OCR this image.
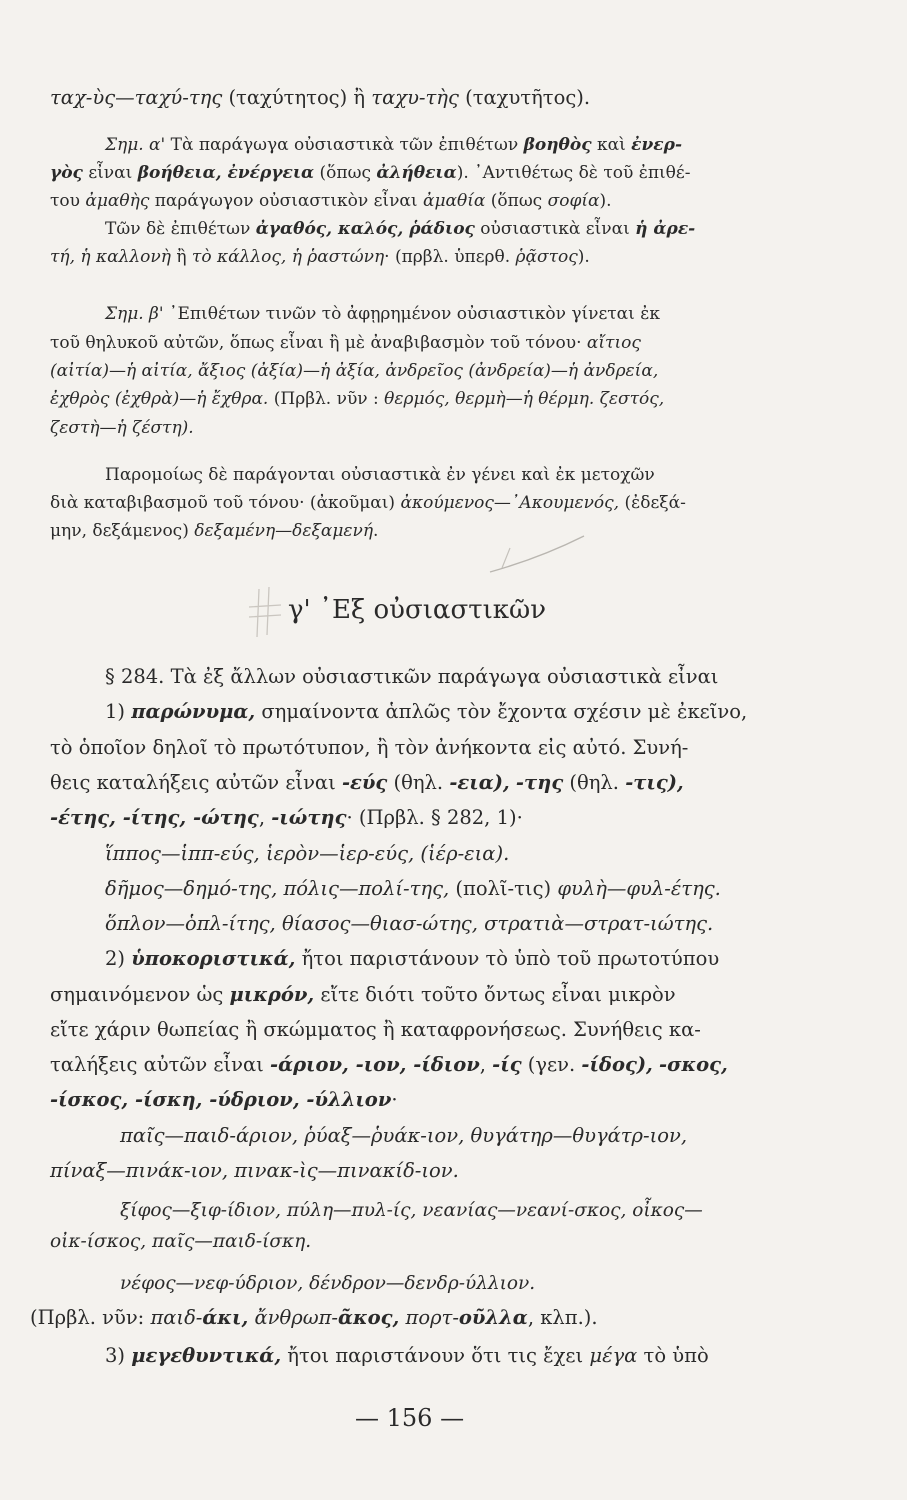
ταχ-ὺς—ταχύ-της (ταχύτητος) ἢ ταχυ-τὴς (ταχυτῆτος).
Σημ. α' Τὰ παράγωγα οὐσιαστικὰ τῶν ἐπιθέτων βοηθὸς καὶ ἐνερ-
γὸς εἶναι βοήθεια, ἐνέργεια (ὅπως ἀλήθεια). ᾽Αντιθέτως δὲ τοῦ ἐπιθέ-
του ἀμαθὴς παράγωγον οὐσιαστικὸν εἶναι ἀμαθία (ὅπως σοφία).
Τῶν δὲ ἐπιθέτων ἀγαθός, καλός, ῥάδιος οὐσιαστικὰ εἶναι ἡ ἀρε-
τή, ἡ καλλονὴ ἢ τὸ κάλλος, ἡ ῥαστώνη· (πρβλ. ὑπερθ. ῥᾷστος).
Σημ. β' ᾽Επιθέτων τινῶν τὸ ἀφῃρημένον οὐσιαστικὸν γίνεται ἐκ
τοῦ θηλυκοῦ αὐτῶν, ὅπως εἶναι ἢ μὲ ἀναβιβασμὸν τοῦ τόνου· αἴτιος
(αἰτία)—ἡ αἰτία, ἄξιος (ἀξία)—ἡ ἀξία, ἀνδρεῖος (ἀνδρεία)—ἡ ἀνδρεία,
ἐχθρὸς (ἐχθρὰ)—ἡ ἔχθρα. (Πρβλ. νῦν : θερμός, θερμὴ—ἡ θέρμη. ζεστός,
ζεστὴ—ἡ ζέστη).
Παρομοίως δὲ παράγονται οὐσιαστικὰ ἐν γένει καὶ ἐκ μετοχῶν
διὰ καταβιβασμοῦ τοῦ τόνου· (ἀκοῦμαι) ἀκούμενος—᾽Ακουμενός, (ἐδεξά-
μην, δεξάμενος) δεξαμένη—δεξαμενή.
γ' ᾽Εξ οὐσιαστικῶν
§ 284. Τὰ ἐξ ἄλλων οὐσιαστικῶν παράγωγα οὐσιαστικὰ εἶναι
1) παρώνυμα, σημαίνοντα ἁπλῶς τὸν ἔχοντα σχέσιν μὲ ἐκεῖνο,
τὸ ὁποῖον δηλοῖ τὸ πρωτότυπον, ἢ τὸν ἀνήκοντα εἰς αὐτό. Συνή-
θεις καταλήξεις αὐτῶν εἶναι -εύς (θηλ. -εια), -της (θηλ. -τις),
-έτης, -ίτης, -ώτης, -ιώτης· (Πρβλ. § 282, 1)·
ἵππος—ἱππ-εύς, ἱερὸν—ἱερ-εύς, (ἱέρ-εια).
δῆμος—δημό-της, πόλις—πολί-της, (πολῖ-τις) φυλὴ—φυλ-έτης.
ὅπλον—ὁπλ-ίτης, θίασος—θιασ-ώτης, στρατιὰ—στρατ-ιώτης.
2) ὑποκοριστικά, ἤτοι παριστάνουν τὸ ὑπὸ τοῦ πρωτοτύπου
σημαινόμενον ὡς μικρόν, εἴτε διότι τοῦτο ὄντως εἶναι μικρὸν
εἴτε χάριν θωπείας ἢ σκώμματος ἢ καταφρονήσεως. Συνήθεις κα-
ταλήξεις αὐτῶν εἶναι -άριον, -ιον, -ίδιον, -ίς (γεν. -ίδος), -σκος,
-ίσκος, -ίσκη, -ύδριον, -ύλλιον·
παῖς—παιδ-άριον, ῥύαξ—ῥυάκ-ιον, θυγάτηρ—θυγάτρ-ιον,
πίναξ—πινάκ-ιον, πινακ-ὶς—πινακίδ-ιον.
ξίφος—ξιφ-ίδιον, πύλη—πυλ-ίς, νεανίας—νεανί-σκος, οἶκος—
οἰκ-ίσκος, παῖς—παιδ-ίσκη.
νέφος—νεφ-ύδριον, δένδρον—δενδρ-ύλλιον.
(Πρβλ. νῦν: παιδ-άκι, ἄνθρωπ-ᾶκος, πορτ-οῦλλα, κλπ.).
3) μεγεθυντικά, ἤτοι παριστάνουν ὅτι τις ἔχει μέγα τὸ ὑπὸ
— 156 —
